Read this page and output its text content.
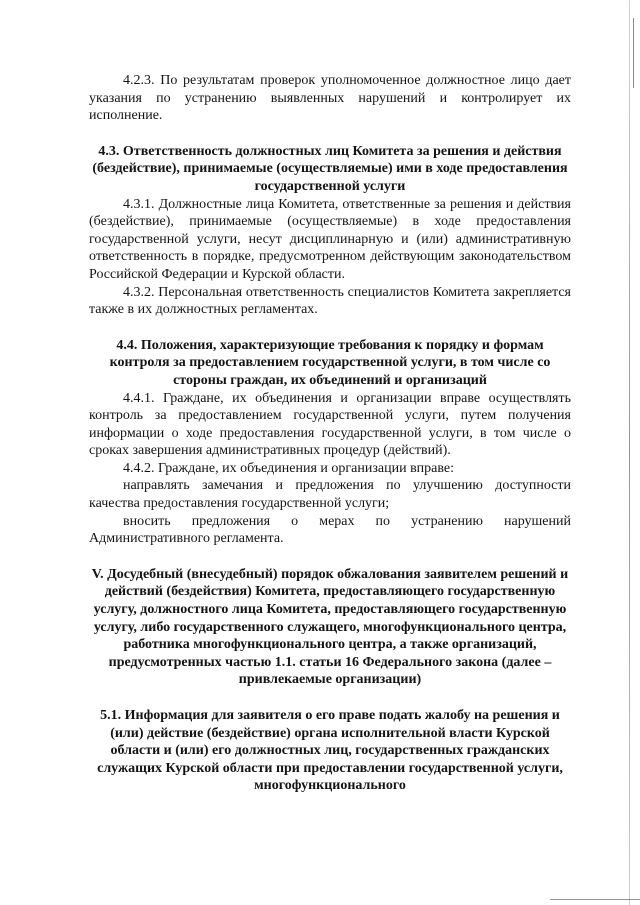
4.2.3. По результатам проверок уполномоченное должностное лицо дает указания по устранению выявленных нарушений и контролирует их исполнение.

4.3. Ответственность должностных лиц Комитета за решения и действия (бездействие), принимаемые (осуществляемые) ими в ходе предоставления государственной услуги

4.3.1. Должностные лица Комитета, ответственные за решения и действия (бездействие), принимаемые (осуществляемые) в ходе предоставления государственной услуги, несут дисциплинарную и (или) административную ответственность в порядке, предусмотренном действующим законодательством Российской Федерации и Курской области.

4.3.2. Персональная ответственность специалистов Комитета закрепляется также в их должностных регламентах.

4.4. Положения, характеризующие требования к порядку и формам контроля за предоставлением государственной услуги, в том числе со стороны граждан, их объединений и организаций

4.4.1. Граждане, их объединения и организации вправе осуществлять контроль за предоставлением государственной услуги, путем получения информации о ходе предоставления государственной услуги, в том числе о сроках завершения административных процедур (действий).

4.4.2. Граждане, их объединения и организации вправе:

направлять замечания и предложения по улучшению доступности качества предоставления государственной услуги;

вносить предложения о мерах по устранению нарушений Административного регламента.

V. Досудебный (внесудебный) порядок обжалования заявителем решений и действий (бездействия) Комитета, предоставляющего государственную услугу, должностного лица Комитета, предоставляющего государственную услугу, либо государственного служащего, многофункционального центра, работника многофункционального центра, а также организаций, предусмотренных частью 1.1. статьи 16 Федерального закона (далее – привлекаемые организации)

5.1. Информация для заявителя о его праве подать жалобу на решения и (или) действие (бездействие) органа исполнительной власти Курской области и (или) его должностных лиц, государственных гражданских служащих Курской области при предоставлении государственной услуги, многофункционального
